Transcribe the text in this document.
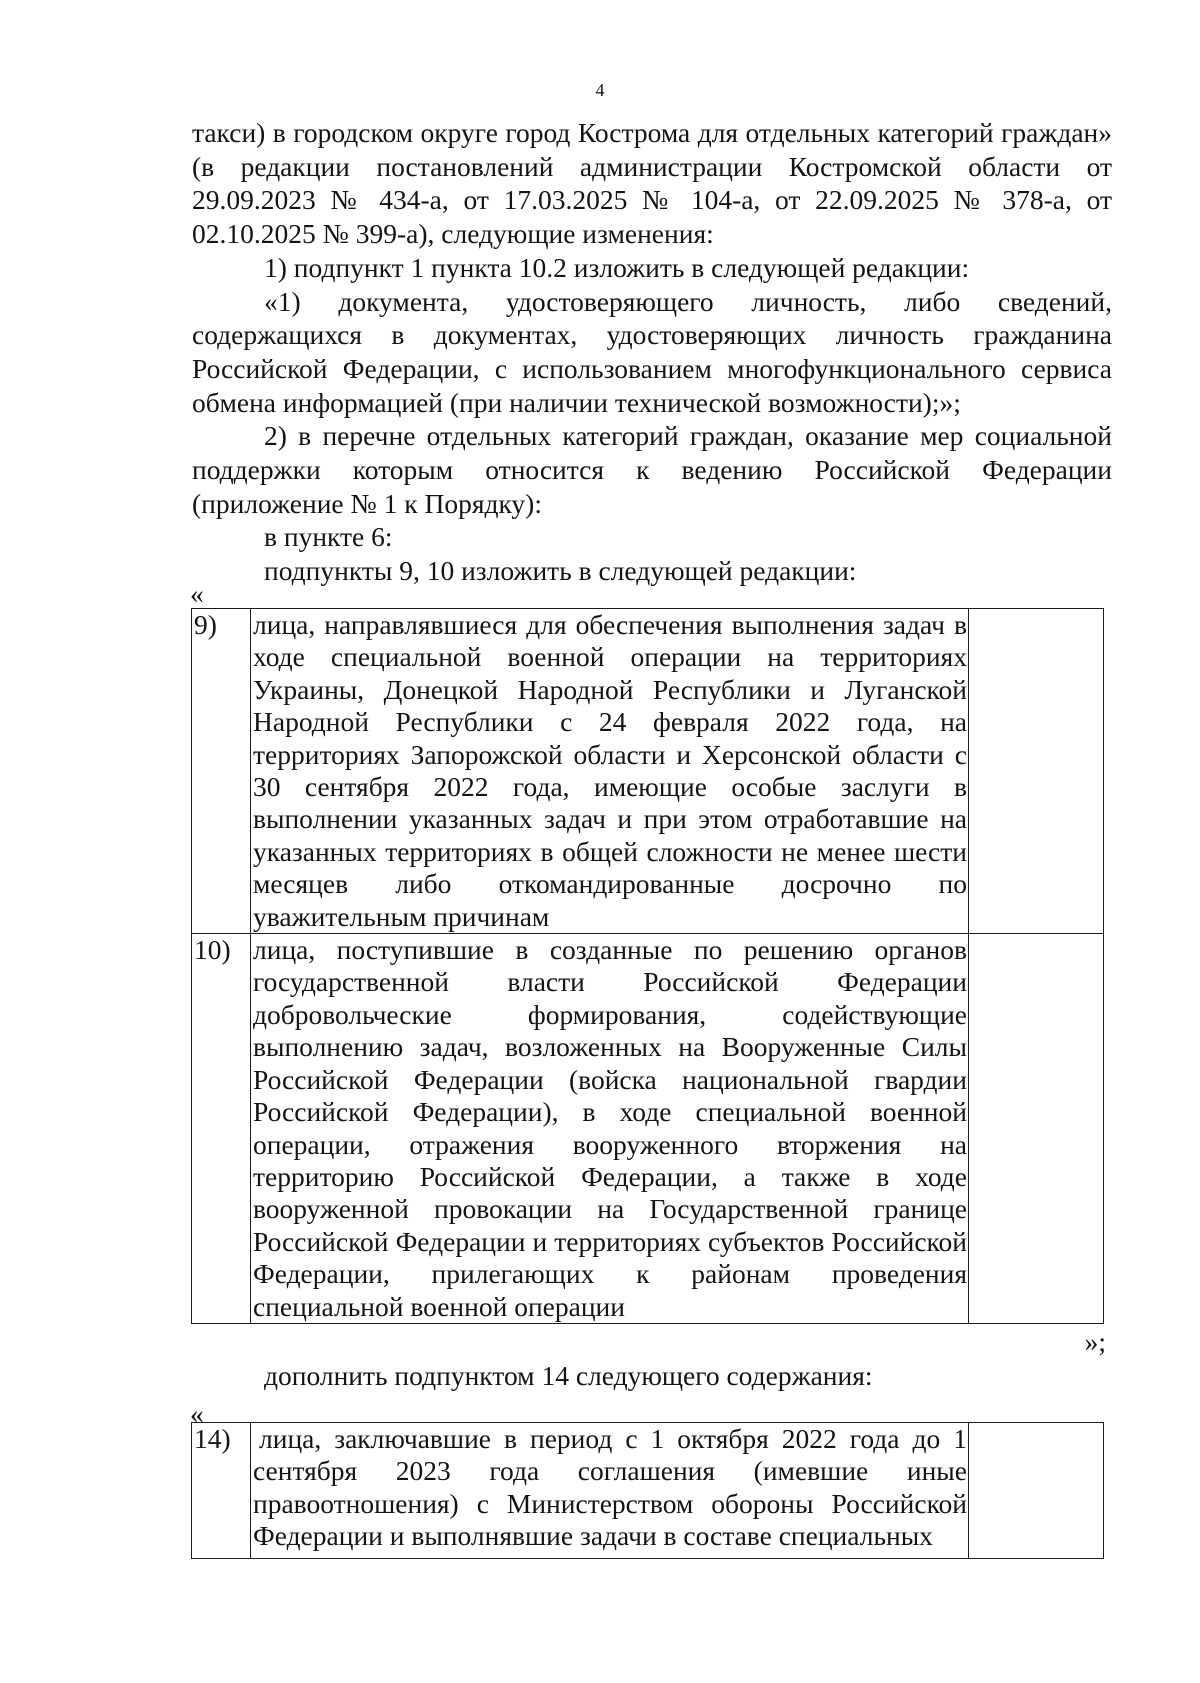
4

такси) в городском округе город Кострома для отдельных категорий граждан» (в редакции постановлений администрации Костромской области от 29.09.2023 № 434-а, от 17.03.2025 № 104-а, от 22.09.2025 № 378-а, от 02.10.2025 № 399-а), следующие изменения:

1) подпункт 1 пункта 10.2 изложить в следующей редакции:

«1) документа, удостоверяющего личность, либо сведений, содержащихся в документах, удостоверяющих личность гражданина Российской Федерации, с использованием многофункционального сервиса обмена информацией (при наличии технической возможности);»;

2) в перечне отдельных категорий граждан, оказание мер социальной поддержки которым относится к ведению Российской Федерации (приложение № 1 к Порядку):

в пункте 6:

подпункты 9, 10 изложить в следующей редакции:

«
9)	лица, направлявшиеся для обеспечения выполнения задач в ходе специальной военной операции на территориях Украины, Донецкой Народной Республики и Луганской Народной Республики с 24 февраля 2022 года, на территориях Запорожской области и Херсонской области с 30 сентября 2022 года, имеющие особые заслуги в выполнении указанных задач и при этом отработавшие на указанных территориях в общей сложности не менее шести месяцев либо откомандированные досрочно по уважительным причинам	
10)	лица, поступившие в созданные по решению органов государственной власти Российской Федерации добровольческие формирования, содействующие выполнению задач, возложенных на Вооруженные Силы Российской Федерации (войска национальной гвардии Российской Федерации), в ходе специальной военной операции, отражения вооруженного вторжения на территорию Российской Федерации, а также в ходе вооруженной провокации на Государственной границе Российской Федерации и территориях субъектов Российской Федерации, прилегающих к районам проведения специальной военной операции	
»;
дополнить подпунктом 14 следующего содержания:
«
14)	лица, заключавшие в период с 1 октября 2022 года до 1 сентября 2023 года соглашения (имевшие иные правоотношения) с Министерством обороны Российской Федерации и выполнявшие задачи в составе специальных	
